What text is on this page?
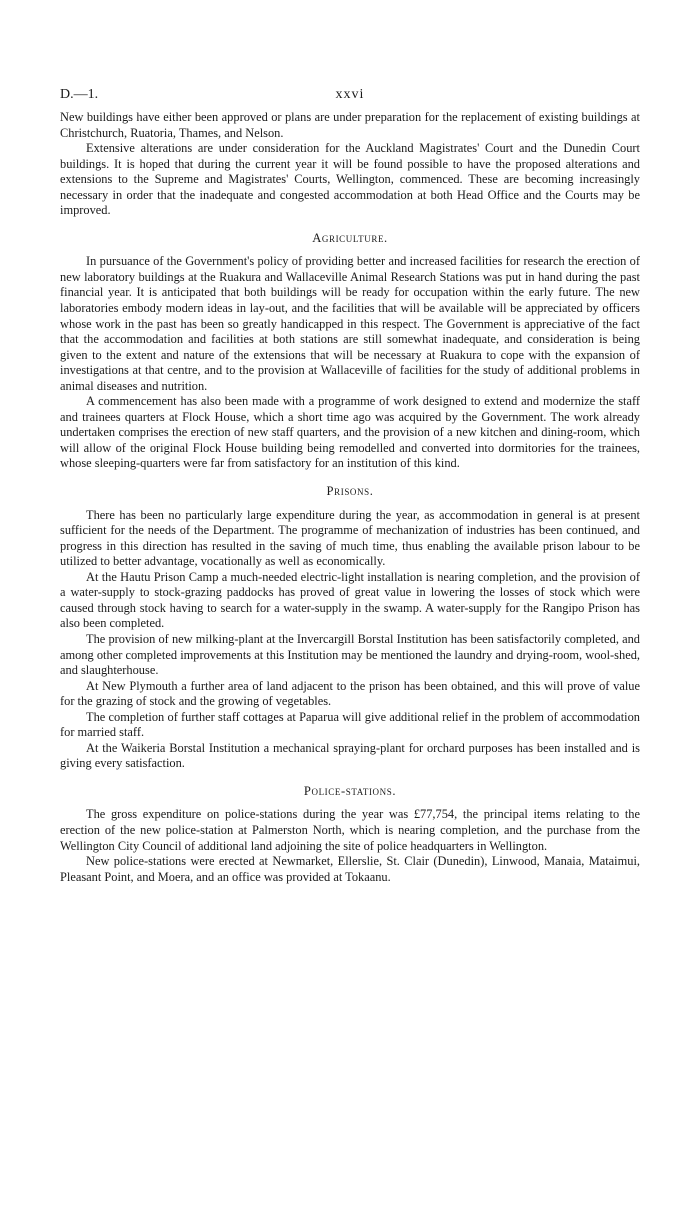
D.—1.	xxvi

New buildings have either been approved or plans are under preparation for the replacement of existing buildings at Christchurch, Ruatoria, Thames, and Nelson.

Extensive alterations are under consideration for the Auckland Magistrates' Court and the Dunedin Court buildings. It is hoped that during the current year it will be found possible to have the proposed alterations and extensions to the Supreme and Magistrates' Courts, Wellington, commenced. These are becoming increasingly necessary in order that the inadequate and congested accommodation at both Head Office and the Courts may be improved.

Agriculture.

In pursuance of the Government's policy of providing better and increased facilities for research the erection of new laboratory buildings at the Ruakura and Wallaceville Animal Research Stations was put in hand during the past financial year. It is anticipated that both buildings will be ready for occupation within the early future. The new laboratories embody modern ideas in lay-out, and the facilities that will be available will be appreciated by officers whose work in the past has been so greatly handicapped in this respect. The Government is appreciative of the fact that the accommodation and facilities at both stations are still somewhat inadequate, and consideration is being given to the extent and nature of the extensions that will be necessary at Ruakura to cope with the expansion of investigations at that centre, and to the provision at Wallaceville of facilities for the study of additional problems in animal diseases and nutrition.

A commencement has also been made with a programme of work designed to extend and modernize the staff and trainees quarters at Flock House, which a short time ago was acquired by the Government. The work already undertaken comprises the erection of new staff quarters, and the provision of a new kitchen and dining-room, which will allow of the original Flock House building being remodelled and converted into dormitories for the trainees, whose sleeping-quarters were far from satisfactory for an institution of this kind.

Prisons.

There has been no particularly large expenditure during the year, as accommodation in general is at present sufficient for the needs of the Department. The programme of mechanization of industries has been continued, and progress in this direction has resulted in the saving of much time, thus enabling the available prison labour to be utilized to better advantage, vocationally as well as economically.

At the Hautu Prison Camp a much-needed electric-light installation is nearing completion, and the provision of a water-supply to stock-grazing paddocks has proved of great value in lowering the losses of stock which were caused through stock having to search for a water-supply in the swamp. A water-supply for the Rangipo Prison has also been completed.

The provision of new milking-plant at the Invercargill Borstal Institution has been satisfactorily completed, and among other completed improvements at this Institution may be mentioned the laundry and drying-room, wool-shed, and slaughterhouse.

At New Plymouth a further area of land adjacent to the prison has been obtained, and this will prove of value for the grazing of stock and the growing of vegetables.

The completion of further staff cottages at Paparua will give additional relief in the problem of accommodation for married staff.

At the Waikeria Borstal Institution a mechanical spraying-plant for orchard purposes has been installed and is giving every satisfaction.

Police-stations.

The gross expenditure on police-stations during the year was £77,754, the principal items relating to the erection of the new police-station at Palmerston North, which is nearing completion, and the purchase from the Wellington City Council of additional land adjoining the site of police headquarters in Wellington.

New police-stations were erected at Newmarket, Ellerslie, St. Clair (Dunedin), Linwood, Manaia, Mataimui, Pleasant Point, and Moera, and an office was provided at Tokaanu.
